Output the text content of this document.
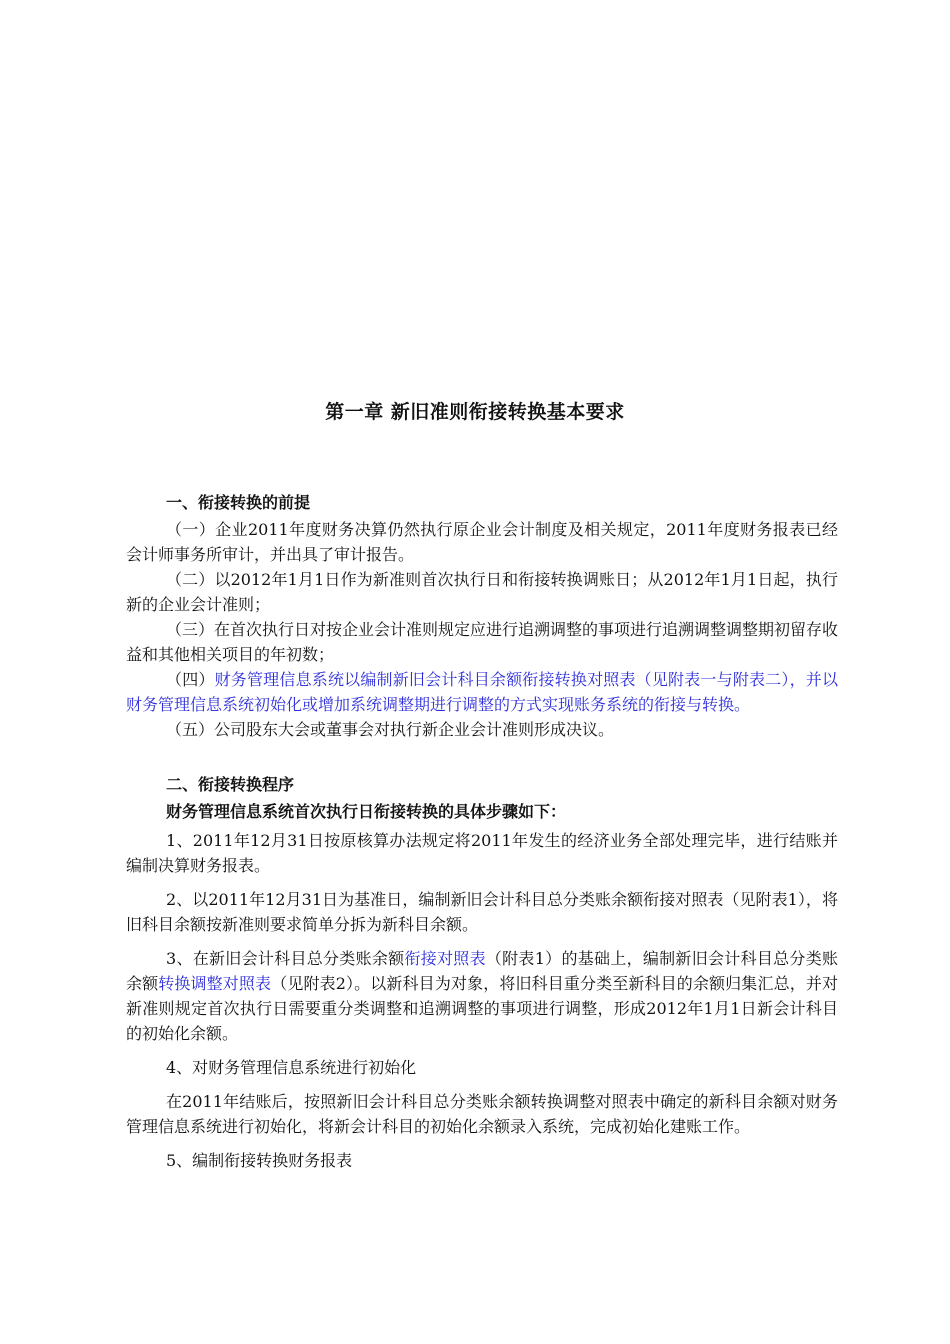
第一章 新旧准则衔接转换基本要求
一、衔接转换的前提

（一）企业2011年度财务决算仍然执行原企业会计制度及相关规定，2011年度财务报表已经会计师事务所审计，并出具了审计报告。

（二）以2012年1月1日作为新准则首次执行日和衔接转换调账日；从2012年1月1日起，执行新的企业会计准则；

（三）在首次执行日对按企业会计准则规定应进行追溯调整的事项进行追溯调整调整期初留存收益和其他相关项目的年初数；

（四）财务管理信息系统以编制新旧会计科目余额衔接转换对照表（见附表一与附表二），并以财务管理信息系统初始化或增加系统调整期进行调整的方式实现账务系统的衔接与转换。

（五）公司股东大会或董事会对执行新企业会计准则形成决议。

二、衔接转换程序
财务管理信息系统首次执行日衔接转换的具体步骤如下：

1、2011年12月31日按原核算办法规定将2011年发生的经济业务全部处理完毕，进行结账并编制决算财务报表。

2、以2011年12月31日为基准日，编制新旧会计科目总分类账余额衔接对照表（见附表1），将旧科目余额按新准则要求简单分拆为新科目余额。

3、在新旧会计科目总分类账余额衔接对照表（附表1）的基础上，编制新旧会计科目总分类账余额转换调整对照表（见附表2）。以新科目为对象，将旧科目重分类至新科目的余额归集汇总，并对新准则规定首次执行日需要重分类调整和追溯调整的事项进行调整，形成2012年1月1日新会计科目的初始化余额。

4、对财务管理信息系统进行初始化

在2011年结账后，按照新旧会计科目总分类账余额转换调整对照表中确定的新科目余额对财务管理信息系统进行初始化，将新会计科目的初始化余额录入系统，完成初始化建账工作。

5、编制衔接转换财务报表
